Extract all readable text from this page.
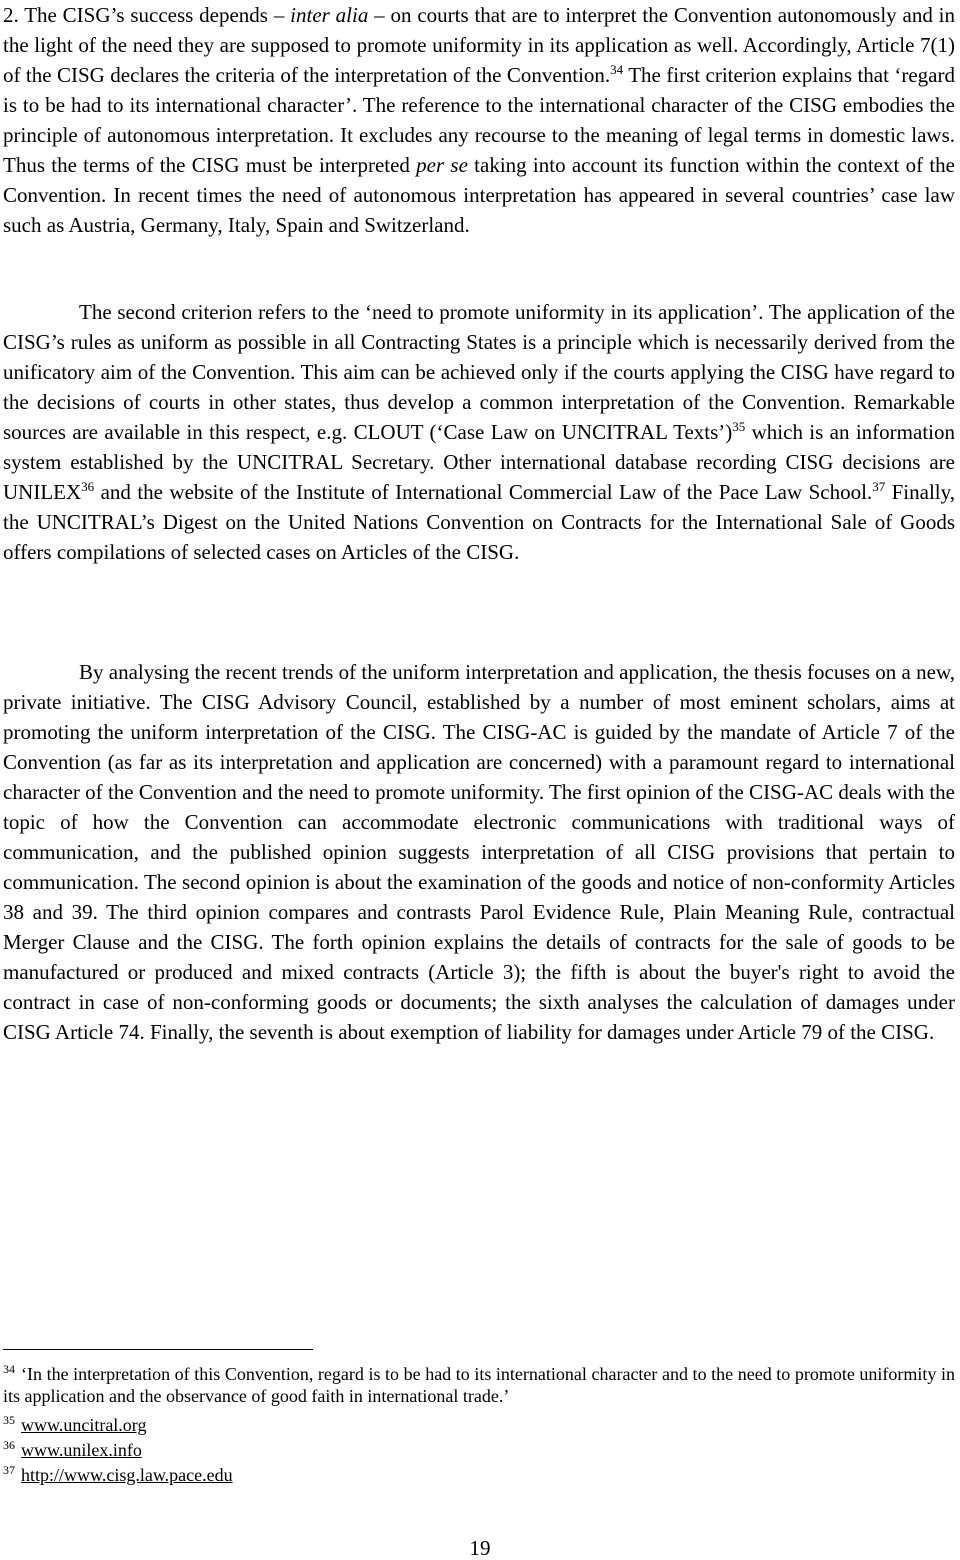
2. The CISG’s success depends – inter alia – on courts that are to interpret the Convention autonomously and in the light of the need they are supposed to promote uniformity in its application as well. Accordingly, Article 7(1) of the CISG declares the criteria of the interpretation of the Convention.$^{34}$ The first criterion explains that ‘regard is to be had to its international character’. The reference to the international character of the CISG embodies the principle of autonomous interpretation. It excludes any recourse to the meaning of legal terms in domestic laws. Thus the terms of the CISG must be interpreted per se taking into account its function within the context of the Convention. In recent times the need of autonomous interpretation has appeared in several countries’ case law such as Austria, Germany, Italy, Spain and Switzerland.

The second criterion refers to the ‘need to promote uniformity in its application’. The application of the CISG’s rules as uniform as possible in all Contracting States is a principle which is necessarily derived from the unificatory aim of the Convention. This aim can be achieved only if the courts applying the CISG have regard to the decisions of courts in other states, thus develop a common interpretation of the Convention. Remarkable sources are available in this respect, e.g. CLOUT (‘Case Law on UNCITRAL Texts’)$^{35}$ which is an information system established by the UNCITRAL Secretary. Other international database recording CISG decisions are UNILEX$^{36}$ and the website of the Institute of International Commercial Law of the Pace Law School.$^{37}$ Finally, the UNCITRAL’s Digest on the United Nations Convention on Contracts for the International Sale of Goods offers compilations of selected cases on Articles of the CISG.

By analysing the recent trends of the uniform interpretation and application, the thesis focuses on a new, private initiative. The CISG Advisory Council, established by a number of most eminent scholars, aims at promoting the uniform interpretation of the CISG. The CISG-AC is guided by the mandate of Article 7 of the Convention (as far as its interpretation and application are concerned) with a paramount regard to international character of the Convention and the need to promote uniformity. The first opinion of the CISG-AC deals with the topic of how the Convention can accommodate electronic communications with traditional ways of communication, and the published opinion suggests interpretation of all CISG provisions that pertain to communication. The second opinion is about the examination of the goods and notice of non-conformity Articles 38 and 39. The third opinion compares and contrasts Parol Evidence Rule, Plain Meaning Rule, contractual Merger Clause and the CISG. The forth opinion explains the details of contracts for the sale of goods to be manufactured or produced and mixed contracts (Article 3); the fifth is about the buyer's right to avoid the contract in case of non-conforming goods or documents; the sixth analyses the calculation of damages under CISG Article 74. Finally, the seventh is about exemption of liability for damages under Article 79 of the CISG.

$^{34}$ ‘In the interpretation of this Convention, regard is to be had to its international character and to the need to promote uniformity in its application and the observance of good faith in international trade.’

$^{35}$ www.uncitral.org

$^{36}$ www.unilex.info

$^{37}$ http://www.cisg.law.pace.edu

19
